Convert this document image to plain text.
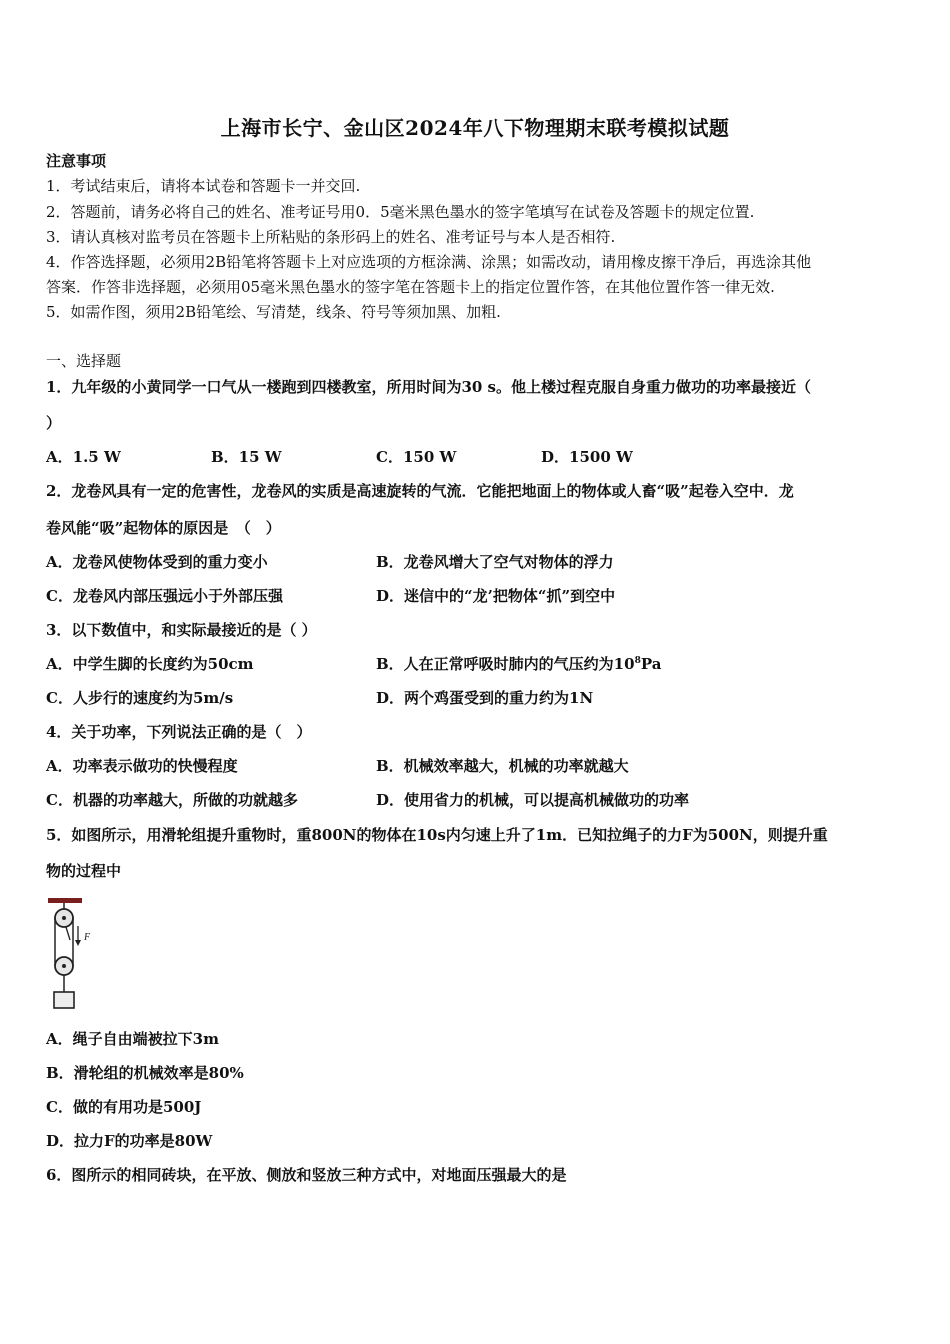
上海市长宁、金山区2024年八下物理期末联考模拟试题
注意事项
1．考试结束后，请将本试卷和答题卡一并交回.
2．答题前，请务必将自己的姓名、准考证号用0．5毫米黑色墨水的签字笔填写在试卷及答题卡的规定位置.
3．请认真核对监考员在答题卡上所粘贴的条形码上的姓名、准考证号与本人是否相符.
4．作答选择题，必须用2B铅笔将答题卡上对应选项的方框涂满、涂黑；如需改动，请用橡皮擦干净后，再选涂其他
答案．作答非选择题，必须用05毫米黑色墨水的签字笔在答题卡上的指定位置作答，在其他位置作答一律无效.
5．如需作图，须用2B铅笔绘、写清楚，线条、符号等须加黑、加粗.
一、选择题
1．九年级的小黄同学一口气从一楼跑到四楼教室，所用时间为30 s。他上楼过程克服自身重力做功的功率最接近（
）
A．1.5 W	B．15 W	C．150 W	D．1500 W
2．龙卷风具有一定的危害性，龙卷风的实质是高速旋转的气流．它能把地面上的物体或人畜“吸”起卷入空中．龙
卷风能“吸”起物体的原因是　（　）
A．龙卷风使物体受到的重力变小	B．龙卷风增大了空气对物体的浮力
C．龙卷风内部压强远小于外部压强	D．迷信中的“龙’把物体“抓”到空中
3．以下数值中，和实际最接近的是（ ）
A．中学生脚的长度约为50cm	B．人在正常呼吸时肺内的气压约为$10^8Pa$
C．人步行的速度约为5m/s	D．两个鸡蛋受到的重力约为1N
4．关于功率，下列说法正确的是（　）
A．功率表示做功的快慢程度	B．机械效率越大，机械的功率就越大
C．机器的功率越大，所做的功就越多	D．使用省力的机械，可以提高机械做功的功率
5．如图所示，用滑轮组提升重物时，重800N的物体在10s内匀速上升了1m．已知拉绳子的力F为500N，则提升重
物的过程中
F
A．绳子自由端被拉下3m
B．滑轮组的机械效率是80%
C．做的有用功是500J
D．拉力F的功率是80W
6．图所示的相同砖块，在平放、侧放和竖放三种方式中，对地面压强最大的是
